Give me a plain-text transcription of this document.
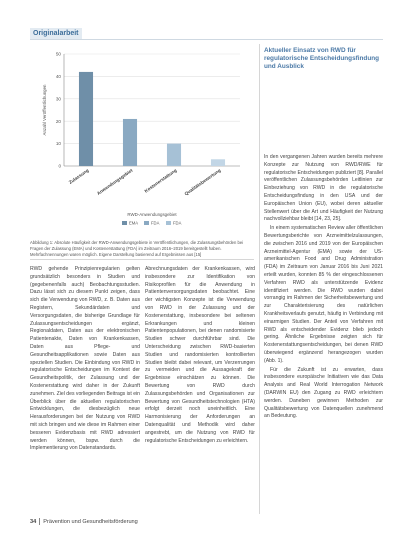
Originalarbeit
0
10
20
30
40
50
Anzahl Veröffentlichungen
Zulassung Anwendungsgebiet Kostenerstattung Qualitätsbewertung
RWD-Anwendungsgebiet
EMA	FDA	FDA
Abbildung 1: Absolute Häufigkeit der RWD-Anwendungsgebiete in Veröffentlichungen, die Zulassungsbehörden bei Fragen der Zulassung (EMA) und Kostenerstattung (FDA) im Zeitraum 2016–2019 bereitgestellt haben. Mehrfachnennungen waren möglich. Eigene Darstellung basierend auf Ergebnissen aus [15]
Aktueller Einsatz von RWD für regulatorische Entscheidungsfindung und Ausblick

RWD gehende Prinzipienregularien gelten grundsätzlich besonders in Studien und (gegebenenfalls auch) Beobachtungsstudien. Dazu lässt sich zu diesem Punkt zeigen, dass sich die Verwendung von RWD, z. B. Daten aus Registern, Sekundärdaten und Versorgungsdaten, die bisherige Grundlage für Zulassungsentscheidungen ergänzt, Regionaldaten, Daten aus der elektronischen Patientenakte, Daten von Krankenkassen, Daten aus Pflege- und Gesundheitsapplikationen sowie Daten aus speziellen Studien. Die Einbindung von RWD in regulatorische Entscheidungen im Kontext der Gesundheitspolitik, der Zulassung und der Kostenerstattung wird daher in der Zukunft zunehmen. Ziel des vorliegenden Beitrags ist ein Überblick über die aktuellen regulatorischen Entwicklungen, die diesbezüglich neue Herausforderungen bei der Nutzung von RWD mit sich bringen und wie diese im Rahmen einer besseren Evidenzbasis mit RWD adressiert werden können, bspw. durch die Implementierung von Datenstandards.

Abrechnungsdaten der Krankenkassen, wird insbesondere zur Identifikation von Risikoprofilen für die Anwendung in Patientenversorgungsdaten beobachtet. Eine der wichtigsten Konzepte ist die Verwendung von RWD in der Zulassung und der Kostenerstattung, insbesondere bei seltenen Erkrankungen und kleinen Patientenpopulationen, bei denen randomisierte Studien schwer durchführbar sind. Die Unterscheidung zwischen RWD-basierten Studien und randomisierten kontrollierten Studien bleibt dabei relevant, um Verzerrungen zu vermeiden und die Aussagekraft der Ergebnisse einschätzen zu können. Die Bewertung von RWD durch Zulassungsbehörden und Organisationen zur Bewertung von Gesundheitstechnologien (HTA) erfolgt derzeit noch uneinheitlich. Eine Harmonisierung der Anforderungen an Datenqualität und Methodik wird daher angestrebt, um die Nutzung von RWD für regulatorische Entscheidungen zu erleichtern.

In den vergangenen Jahren wurden bereits mehrere Konzepte zur Nutzung von RWD/RWE für regulatorische Entscheidungen publiziert [8]. Parallel veröffentlichen Zulassungsbehörden Leitlinien zur Einbeziehung von RWD in die regulatorische Entscheidungsfindung in den USA und der Europäischen Union (EU), wobei deren aktueller Stellenwert über die Art und Häufigkeit der Nutzung nachvollziehbar bleibt [14, 23, 25].

In einem systematischen Review aller öffentlichen Bewertungsberichte von Arzneimittelzulassungen, die zwischen 2016 und 2019 von der Europäischen Arzneimittel-Agentur (EMA) sowie der US-amerikanischen Food and Drug Administration (FDA) im Zeitraum von Januar 2016 bis Juni 2021 erteilt wurden, konnten 85 % der eingeschlossenen Verfahren RWD als unterstützende Evidenz identifiziert werden. Die RWD wurden dabei vorrangig im Rahmen der Sicherheitsbewertung und zur Charakterisierung des natürlichen Krankheitsverlaufs genutzt, häufig in Verbindung mit einarmigen Studien. Der Anteil von Verfahren mit RWD als entscheidender Evidenz blieb jedoch gering. Ähnliche Ergebnisse zeigten sich für Kostenerstattungsentscheidungen, bei denen RWD überwiegend ergänzend herangezogen wurden (Abb. 1).

Für die Zukunft ist zu erwarten, dass insbesondere europäische Initiativen wie das Data Analysis and Real World Interrogation Network (DARWIN EU) den Zugang zu RWD erleichtern werden. Daneben gewinnen Methoden zur Qualitätsbewertung von Datenquellen zunehmend an Bedeutung.

34 Prävention und Gesundheitsförderung
